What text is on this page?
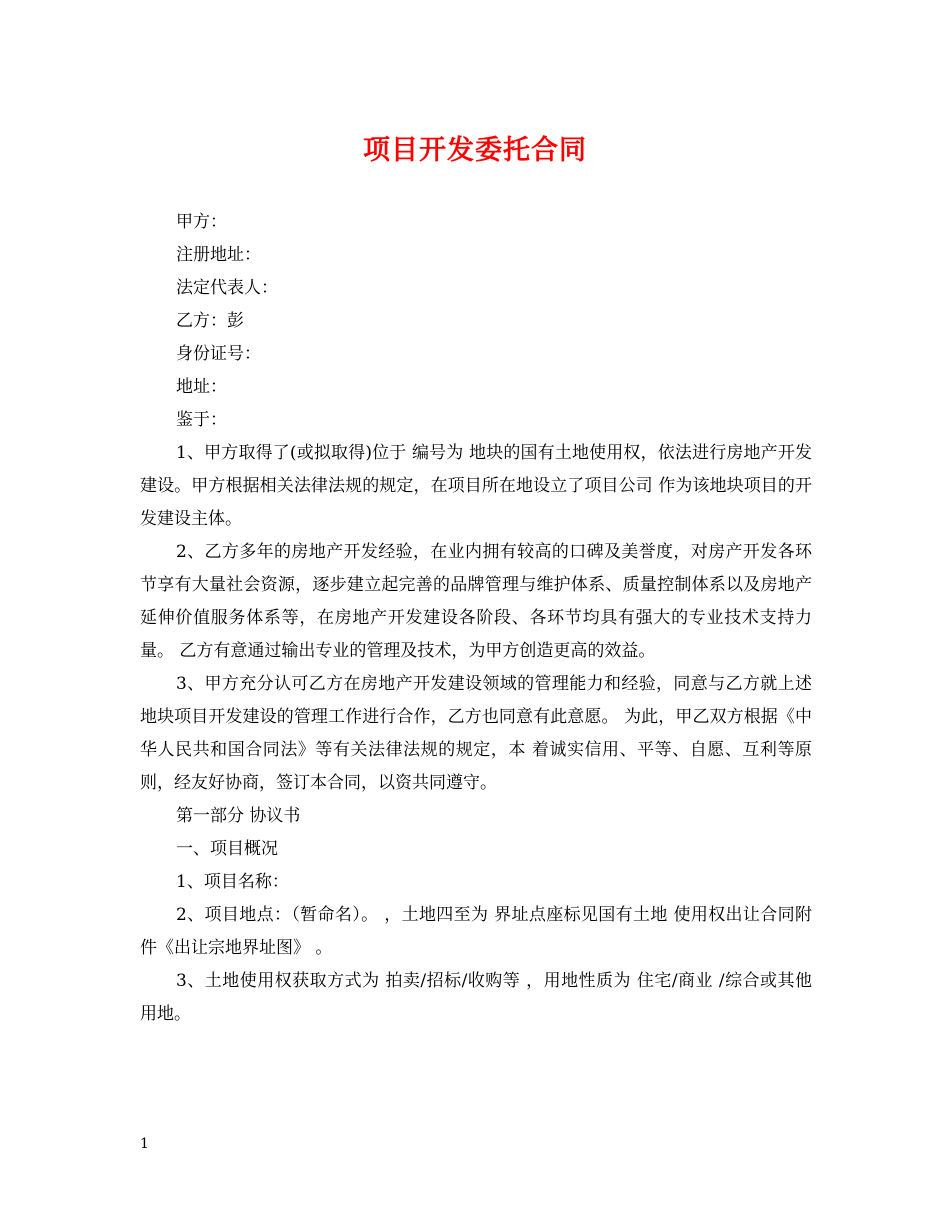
项目开发委托合同

甲方：

注册地址：

法定代表人：

乙方：彭

身份证号：

地址：

鉴于：

1、甲方取得了(或拟取得)位于 编号为 地块的国有土地使用权，依法进行房地产开发建设。甲方根据相关法律法规的规定，在项目所在地设立了项目公司 作为该地块项目的开发建设主体。

2、乙方多年的房地产开发经验，在业内拥有较高的口碑及美誉度，对房产开发各环节享有大量社会资源，逐步建立起完善的品牌管理与维护体系、质量控制体系以及房地产延伸价值服务体系等，在房地产开发建设各阶段、各环节均具有强大的专业技术支持力量。 乙方有意通过输出专业的管理及技术，为甲方创造更高的效益。

3、甲方充分认可乙方在房地产开发建设领域的管理能力和经验，同意与乙方就上述地块项目开发建设的管理工作进行合作，乙方也同意有此意愿。 为此，甲乙双方根据《中华人民共和国合同法》等有关法律法规的规定，本 着诚实信用、平等、自愿、互利等原则，经友好协商，签订本合同，以资共同遵守。

第一部分 协议书

一、项目概况

1、项目名称：

2、项目地点：（暂命名）。 ，土地四至为 界址点座标见国有土地 使用权出让合同附件《出让宗地界址图》 。

3、土地使用权获取方式为 拍卖/招标/收购等 ，用地性质为 住宅/商业 /综合或其他 用地。

1
